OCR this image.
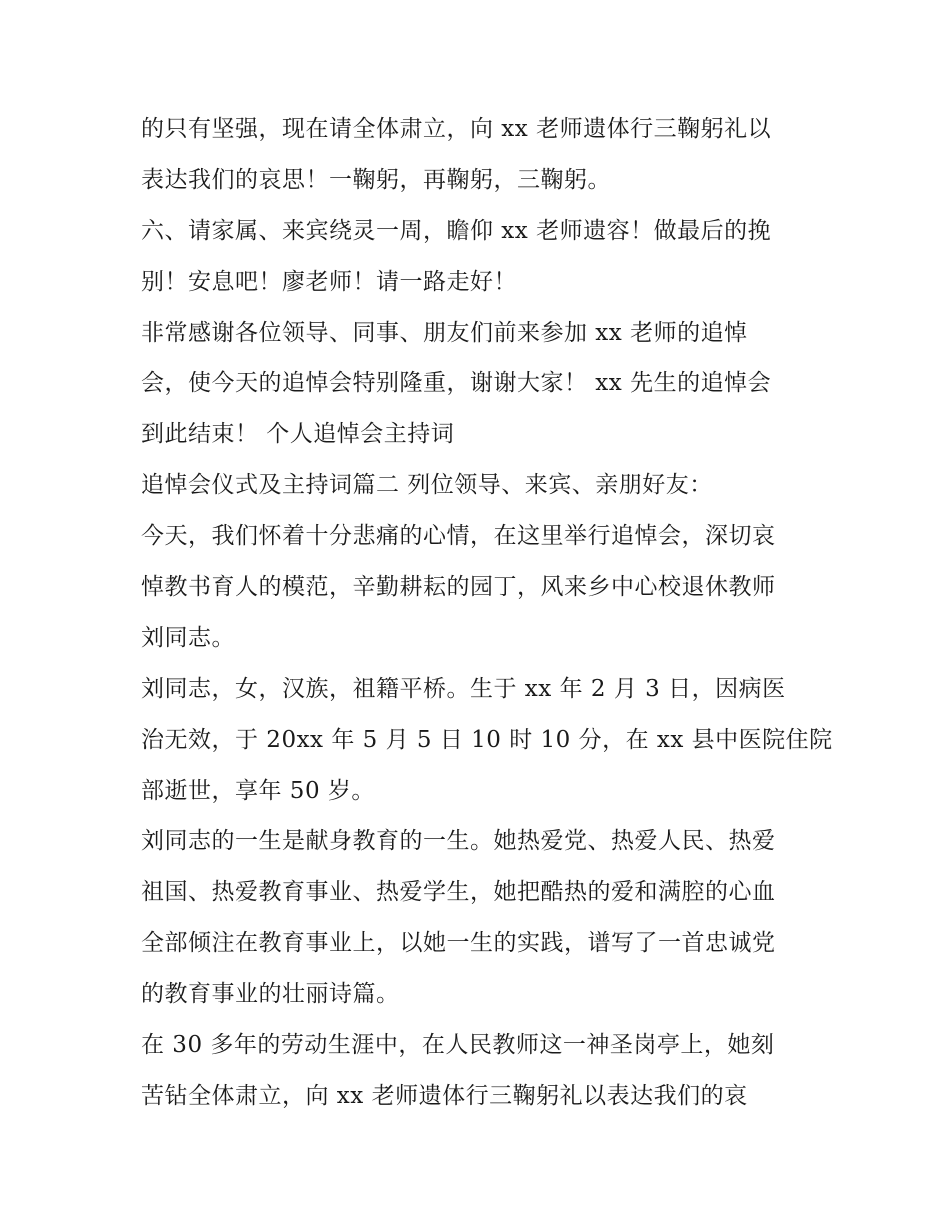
的只有坚强，现在请全体肃立，向 xx 老师遗体行三鞠躬礼以
表达我们的哀思！一鞠躬，再鞠躬，三鞠躬。
六、请家属、来宾绕灵一周，瞻仰 xx 老师遗容！做最后的挽
别！安息吧！廖老师！请一路走好！
非常感谢各位领导、同事、朋友们前来参加 xx 老师的追悼
会，使今天的追悼会特别隆重，谢谢大家！ xx 先生的追悼会
到此结束！ 个人追悼会主持词
追悼会仪式及主持词篇二 列位领导、来宾、亲朋好友：
今天，我们怀着十分悲痛的心情，在这里举行追悼会，深切哀
悼教书育人的模范，辛勤耕耘的园丁，风来乡中心校退休教师
刘同志。
刘同志，女，汉族，祖籍平桥。生于 xx 年 2 月 3 日，因病医
治无效，于 20xx 年 5 月 5 日 10 时 10 分，在 xx 县中医院住院
部逝世，享年 50 岁。
刘同志的一生是献身教育的一生。她热爱党、热爱人民、热爱
祖国、热爱教育事业、热爱学生，她把酷热的爱和满腔的心血
全部倾注在教育事业上，以她一生的实践，谱写了一首忠诚党
的教育事业的壮丽诗篇。
在 30 多年的劳动生涯中，在人民教师这一神圣岗亭上，她刻
苦钻全体肃立，向 xx 老师遗体行三鞠躬礼以表达我们的哀
